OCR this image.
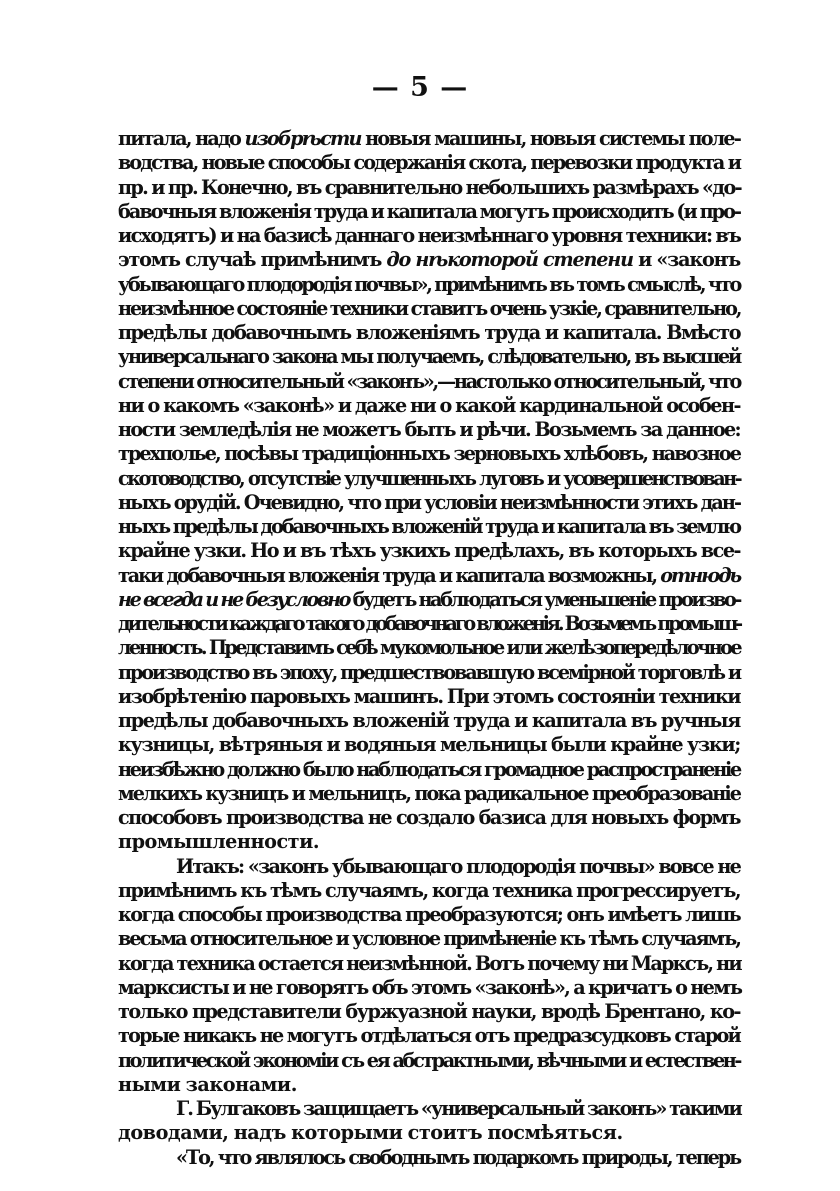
— 5 —
питала, надо изобрѣсти новыя машины, новыя системы поле-
водства, новые способы содержанія скота, перевозки продукта и
пр. и пр. Конечно, въ сравнительно небольшихъ размѣрахъ «до-
бавочныя вложенія труда и капитала могутъ происходить (и про-
исходятъ) и на базисѣ даннаго неизмѣннаго уровня техники: въ
этомъ случаѣ примѣнимъ до нѣкоторой степени и «законъ
убывающаго плодородія почвы», примѣнимъ въ томъ смыслѣ, что
неизмѣнное состояніе техники ставитъ очень узкіе, сравнительно,
предѣлы добавочнымъ вложеніямъ труда и капитала. Вмѣсто
универсальнаго закона мы получаемъ, слѣдовательно, въ высшей
степени относительный «законъ»,—настолько относительный, что
ни о какомъ «законѣ» и даже ни о какой кардинальной особен-
ности земледѣлія не можетъ быть и рѣчи. Возьмемъ за данное:
трехполье, посѣвы традиціонныхъ зерновыхъ хлѣбовъ, навозное
скотоводство, отсутствіе улучшенныхъ луговъ и усовершенствован-
ныхъ орудій. Очевидно, что при условіи неизмѣнности этихъ дан-
ныхъ предѣлы добавочныхъ вложеній труда и капитала въ землю
крайне узки. Но и въ тѣхъ узкихъ предѣлахъ, въ которыхъ все-
таки добавочныя вложенія труда и капитала возможны, отнюдь
не всегда и не безусловно будетъ наблюдаться уменьшеніе произво-
дительности каждаго такого добавочнаго вложенія. Возьмемъ промыш-
ленность. Представимъ себѣ мукомольное или желѣзопередѣлочное
производство въ эпоху, предшествовавшую всемірной торговлѣ и
изобрѣтенію паровыхъ машинъ. При этомъ состояніи техники
предѣлы добавочныхъ вложеній труда и капитала въ ручныя
кузницы, вѣтряныя и водяныя мельницы были крайне узки;
неизбѣжно должно было наблюдаться громадное распространеніе
мелкихъ кузницъ и мельницъ, пока радикальное преобразованіе
способовъ производства не создало базиса для новыхъ формъ
промышленности.
Итакъ: «законъ убывающаго плодородія почвы» вовсе не
примѣнимъ къ тѣмъ случаямъ, когда техника прогрессируетъ,
когда способы производства преобразуются; онъ имѣетъ лишь
весьма относительное и условное примѣненіе къ тѣмъ случаямъ,
когда техника остается неизмѣнной. Вотъ почему ни Марксъ, ни
марксисты и не говорятъ объ этомъ «законѣ», а кричатъ о немъ
только представители буржуазной науки, вродѣ Брентано, ко-
торые никакъ не могутъ отдѣлаться отъ предразсудковъ старой
политической экономіи съ ея абстрактными, вѣчными и естествен-
ными законами.
Г. Булгаковъ защищаетъ «универсальный законъ» такими
доводами, надъ которыми стоитъ посмѣяться.
«То, что являлось свободнымъ подаркомъ природы, теперь
